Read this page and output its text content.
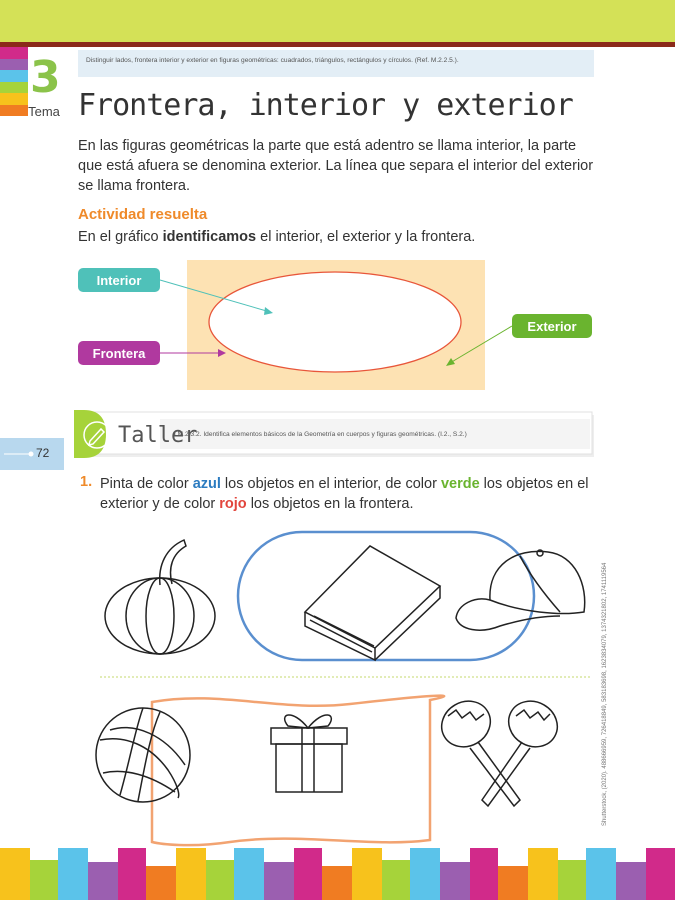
3
Tema
Distinguir lados, frontera interior y exterior en figuras geométricas: cuadrados, triángulos, rectángulos y círculos. (Ref. M.2.2.5.).
Frontera, interior y exterior
En las figuras geométricas la parte que está adentro se llama interior, la parte que está afuera se denomina exterior. La línea que separa el interior del exterior se llama frontera.
Actividad resuelta
En el gráfico identificamos el interior, el exterior y la frontera.
Interior
Frontera
Exterior
Taller
I.M.2.3.2. Identifica elementos básicos de la Geometría en cuerpos y figuras geométricas. (I.2., S.2.)
72
1. Pinta de color azul los objetos en el interior, de color verde los objetos en el exterior y de color rojo los objetos en la frontera.
Shutterstock, (2020). 488666959, 726418849, 583183698, 1623834079, 1374321802, 1741119564
